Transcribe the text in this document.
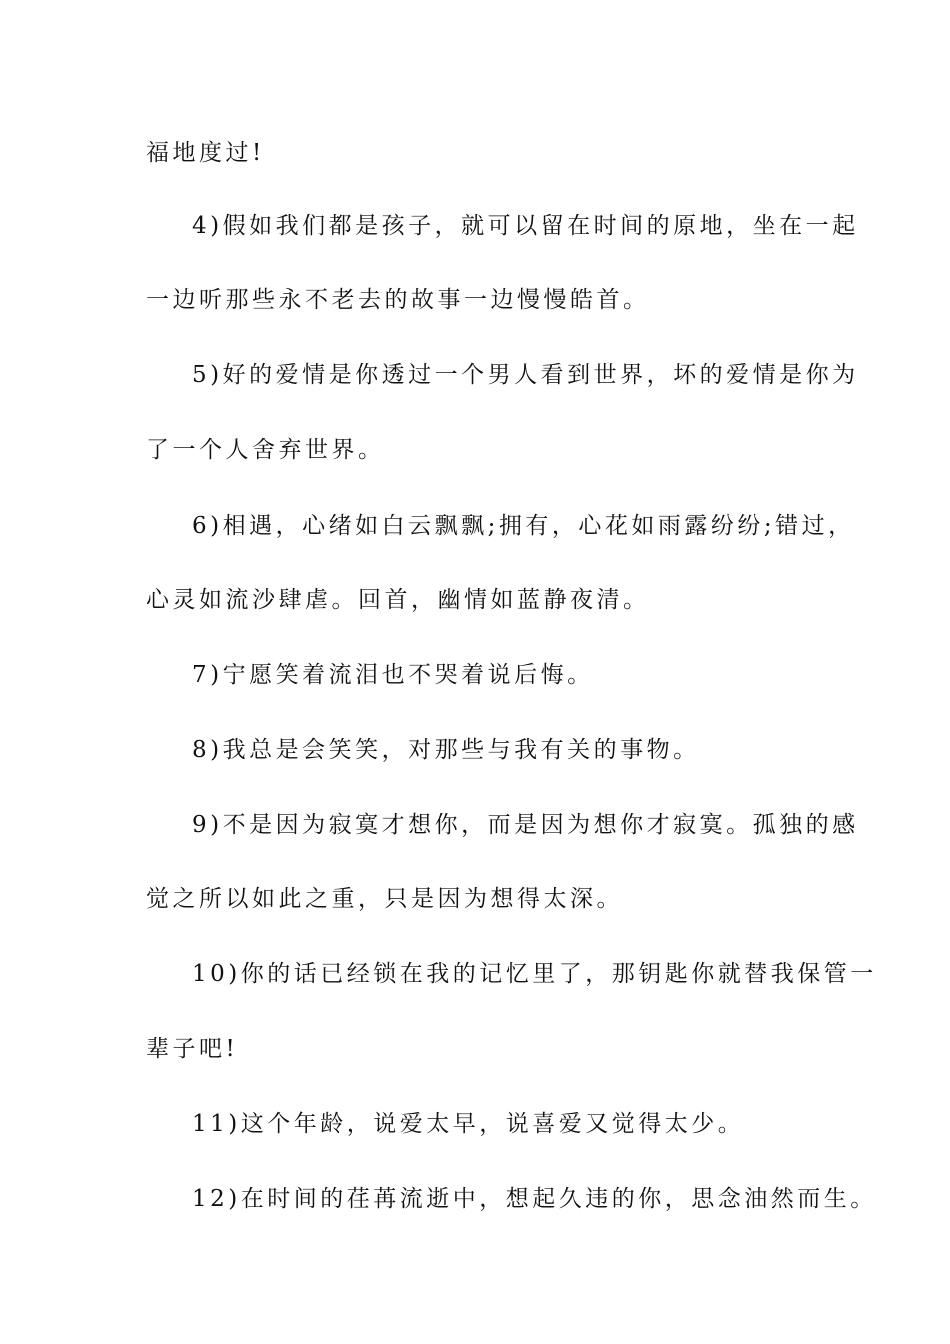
福地度过!

4)假如我们都是孩子，就可以留在时间的原地，坐在一起

一边听那些永不老去的故事一边慢慢皓首。

5)好的爱情是你透过一个男人看到世界，坏的爱情是你为

了一个人舍弃世界。

6)相遇，心绪如白云飘飘;拥有，心花如雨露纷纷;错过，

心灵如流沙肆虐。回首，幽情如蓝静夜清。

7)宁愿笑着流泪也不哭着说后悔。

8)我总是会笑笑，对那些与我有关的事物。

9)不是因为寂寞才想你，而是因为想你才寂寞。孤独的感

觉之所以如此之重，只是因为想得太深。

10)你的话已经锁在我的记忆里了，那钥匙你就替我保管一

辈子吧!

11)这个年龄，说爱太早，说喜爱又觉得太少。

12)在时间的荏苒流逝中，想起久违的你，思念油然而生。
